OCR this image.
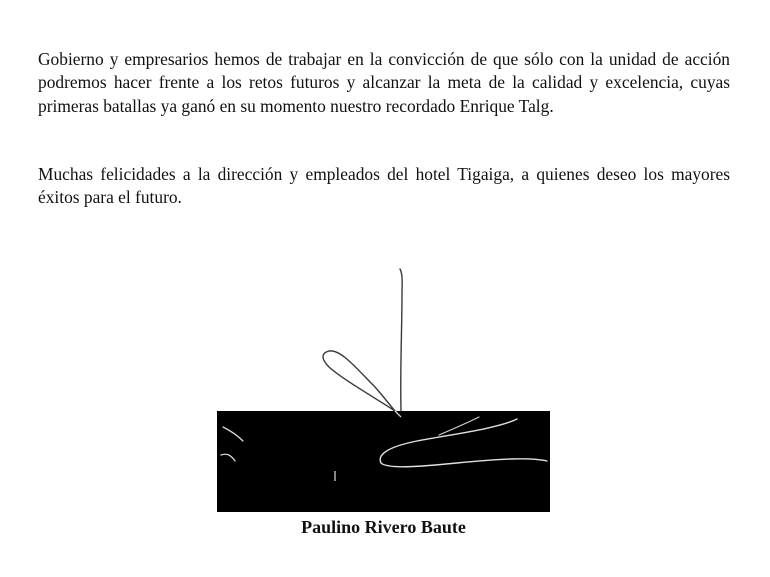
Gobierno y empresarios hemos de trabajar en la convicción de que sólo con la unidad de acción podremos hacer frente a los retos futuros y alcanzar la meta de la calidad y excelencia, cuyas primeras batallas ya ganó en su momento nuestro recordado Enrique Talg.

Muchas felicidades a la dirección y empleados del hotel Tigaiga, a quienes deseo los mayores éxitos para el futuro.

Paulino Rivero Baute
